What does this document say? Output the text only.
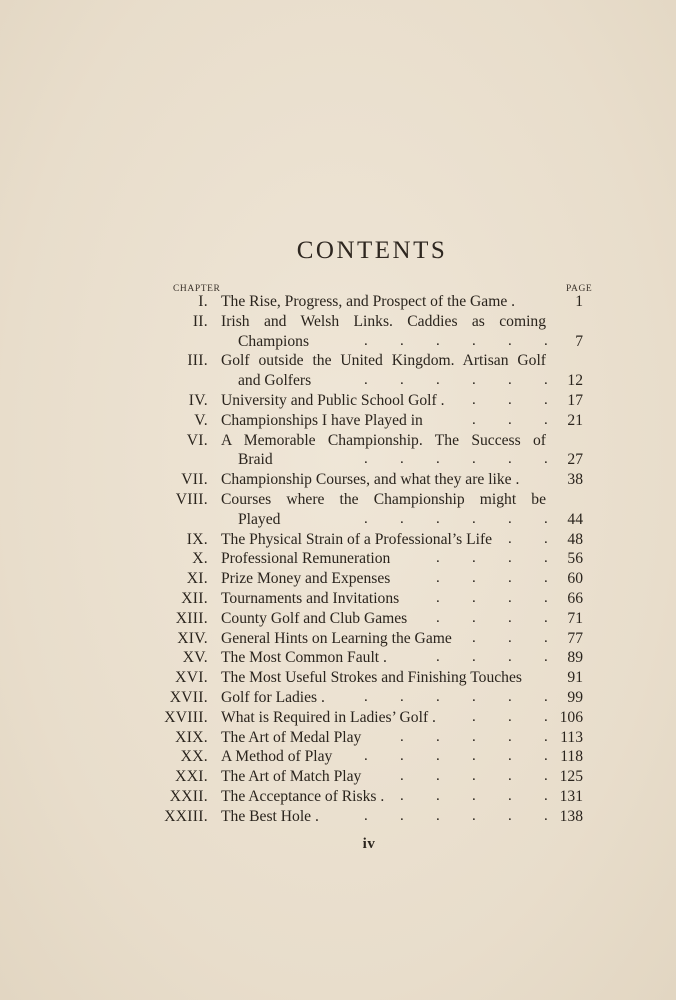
CONTENTS
CHAPTER	PAGE
I. The Rise, Progress, and Prospect of the Game .	1
II. Irish and Welsh Links. Caddies as coming
Champions	7
.
.
.
.
.
.
III. Golf outside the United Kingdom. Artisan Golf
and Golfers	12
.
.
.
.
.
.
IV. University and Public School Golf .	17
.
.
.
V. Championships I have Played in	21
.
.
.
VI. A Memorable Championship. The Success of
Braid	27
.
.
.
.
.
.
VII. Championship Courses, and what they are like .	38
VIII. Courses where the Championship might be
Played	44
.
.
.
.
.
.
IX. The Physical Strain of a Professional’s Life	48
.
.
X. Professional Remuneration	56
.
.
.
.
XI. Prize Money and Expenses	60
.
.
.
.
XII. Tournaments and Invitations	66
.
.
.
.
XIII. County Golf and Club Games	71
.
.
.
.
XIV. General Hints on Learning the Game	77
.
.
.
XV. The Most Common Fault .	89
.
.
.
.
XVI. The Most Useful Strokes and Finishing Touches	91
XVII. Golf for Ladies .	99
.
.
.
.
.
.
XVIII. What is Required in Ladies’ Golf .	106
.
.
.
XIX. The Art of Medal Play	113
.
.
.
.
.
XX. A Method of Play	118
.
.
.
.
.
.
XXI. The Art of Match Play	125
.
.
.
.
.
XXII. The Acceptance of Risks .	131
.
.
.
.
.
XXIII. The Best Hole .	138
.
.
.
.
.
.
iv
